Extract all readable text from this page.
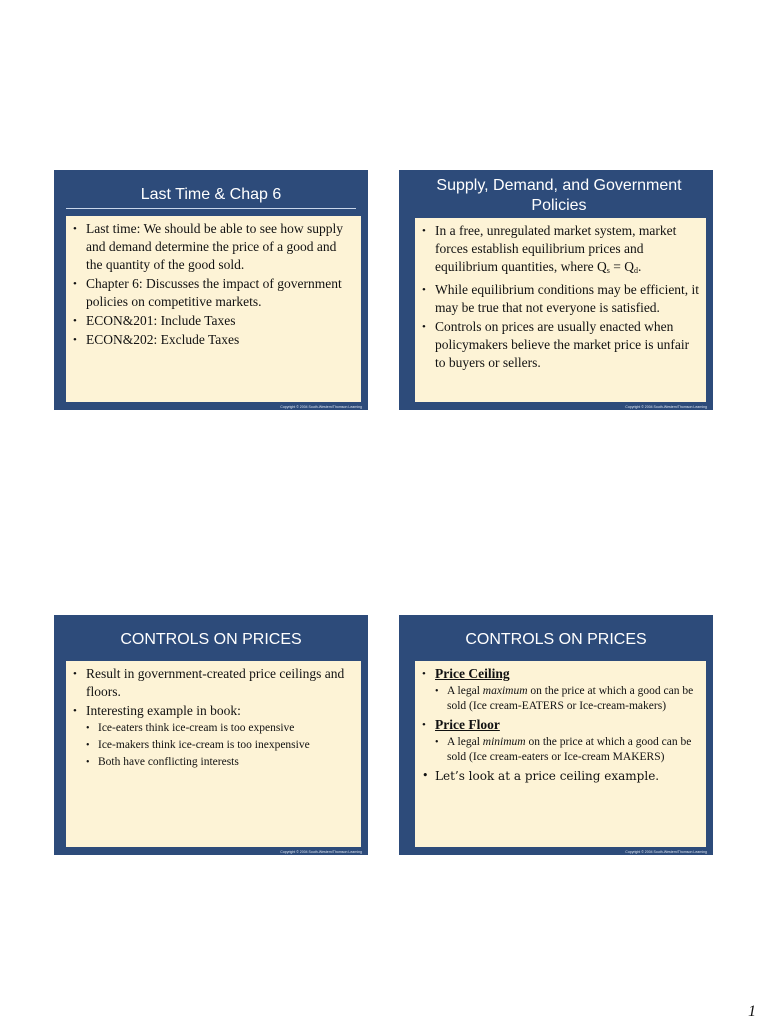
Last Time & Chap 6
• Last time: We should be able to see how supply and demand determine the price of a good and the quantity of the good sold.
• Chapter 6: Discusses the impact of government policies on competitive markets.
• ECON&201: Include Taxes
• ECON&202: Exclude Taxes
Copyright © 2004 South-Western/Thomson Learning
Supply, Demand, and Government Policies
• In a free, unregulated market system, market forces establish equilibrium prices and equilibrium quantities, where $Q_s = Q_d$.
• While equilibrium conditions may be efficient, it may be true that not everyone is satisfied.
• Controls on prices are usually enacted when policymakers believe the market price is unfair to buyers or sellers.
Copyright © 2004 South-Western/Thomson Learning
CONTROLS ON PRICES
• Result in government-created price ceilings and floors.
• Interesting example in book:
• Ice-eaters think ice-cream is too expensive
• Ice-makers think ice-cream is too inexpensive
• Both have conflicting interests
Copyright © 2004 South-Western/Thomson Learning
CONTROLS ON PRICES
• Price Ceiling
• A legal maximum on the price at which a good can be sold (Ice cream-EATERS or Ice-cream-makers)
• Price Floor
• A legal minimum on the price at which a good can be sold (Ice cream-eaters or Ice-cream MAKERS)
• Let’s look at a price ceiling example.
Copyright © 2004 South-Western/Thomson Learning
1
